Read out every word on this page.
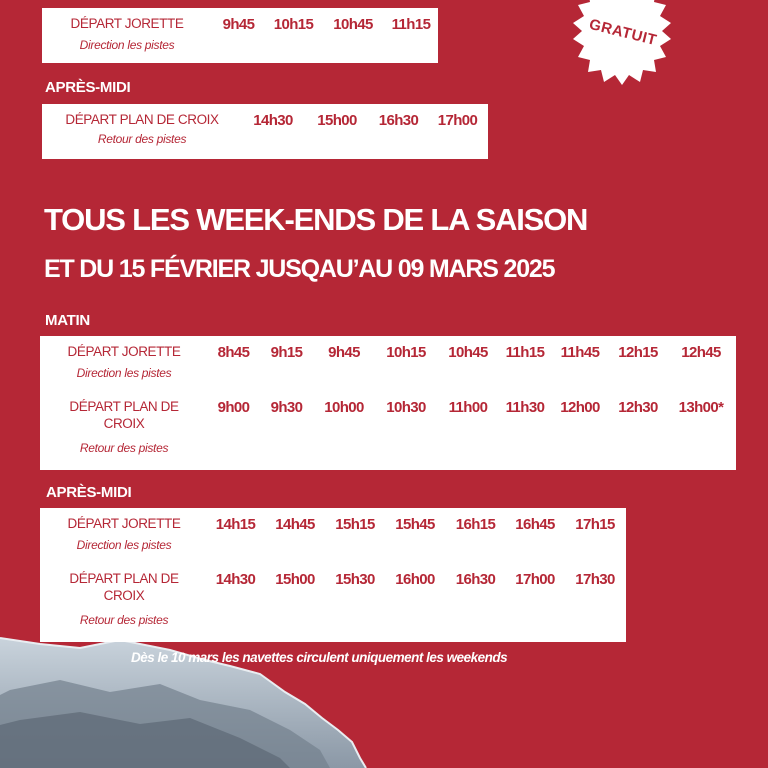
GRATUIT
DÉPART JORETTE
Direction les pistes
	9h45	10h15	10h45	11h15
APRÈS-MIDI
DÉPART PLAN DE CROIX
Retour des pistes
	14h30	15h00	16h30	17h00
TOUS LES WEEK-ENDS DE LA SAISON
ET DU 15 FÉVRIER JUSQAU’AU 09 MARS 2025
MATIN
DÉPART JORETTE
Direction les pistes	8h45	9h15	9h45	10h15	10h45	11h15	11h45	12h15	12h45

DÉPART PLAN DE CROIX
Retour des pistes	9h00	9h30	10h00	10h30	11h00	11h30	12h00	12h30	13h00*
APRÈS-MIDI
DÉPART JORETTE
Direction les pistes	14h15	14h45	15h15	15h45	16h15	16h45	17h15

DÉPART PLAN DE CROIX
Retour des pistes	14h30	15h00	15h30	16h00	16h30	17h00	17h30
Dès le 10 mars les navettes circulent uniquement les weekends
